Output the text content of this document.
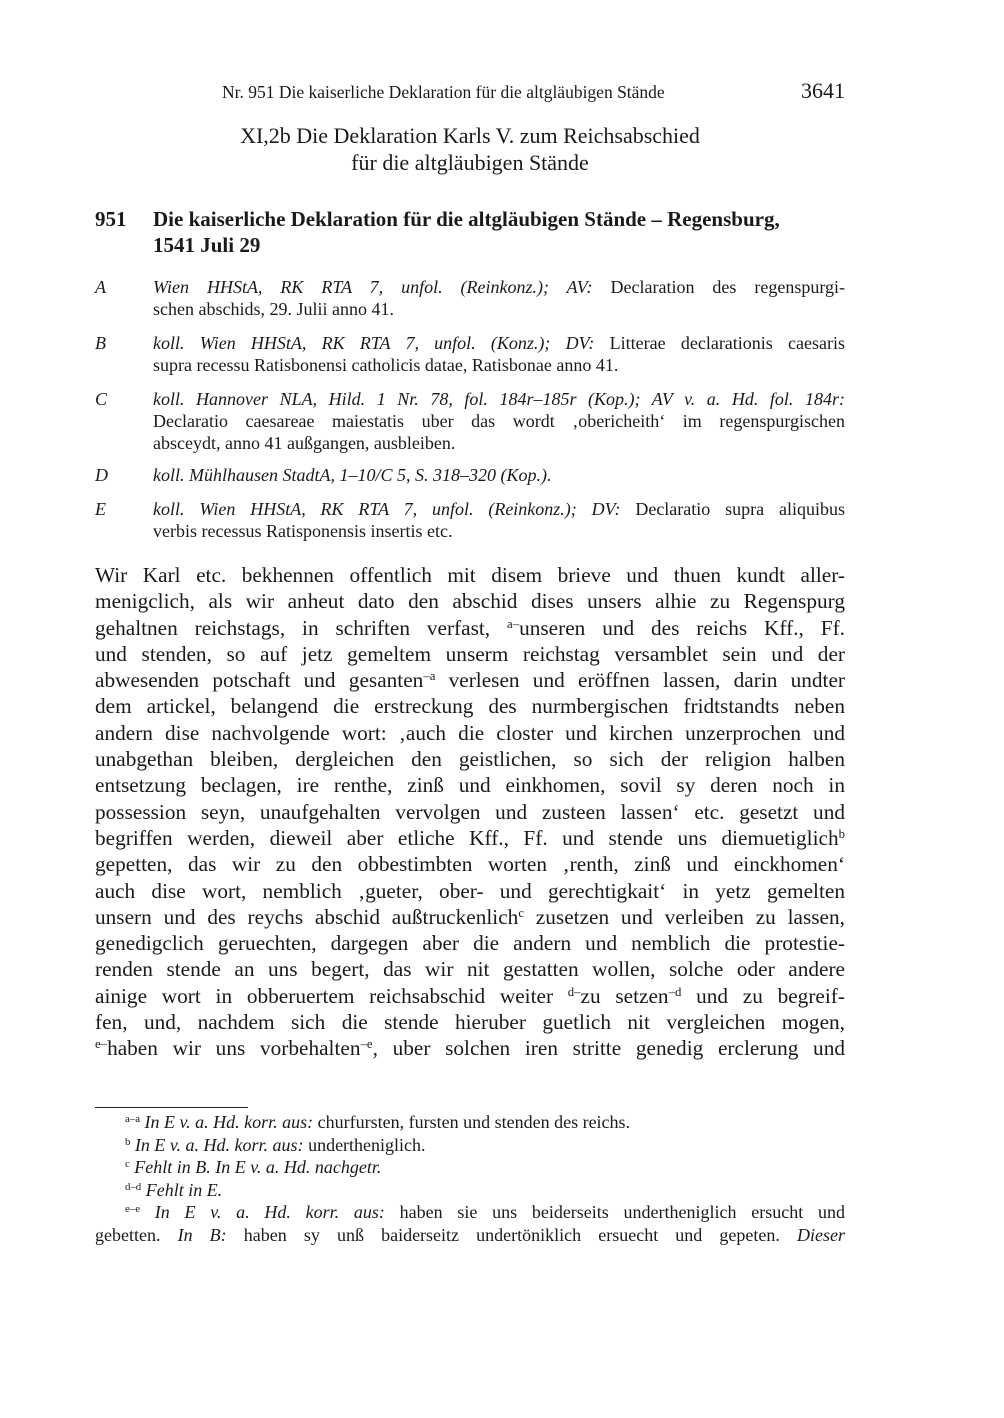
Nr. 951 Die kaiserliche Deklaration für die altgläubigen Stände	3641
XI,2b Die Deklaration Karls V. zum Reichsabschied
für die altgläubigen Stände
951 Die kaiserliche Deklaration für die altgläubigen Stände – Regensburg,
1541 Juli 29
A	Wien HHStA, RK RTA 7, unfol. (Reinkonz.); AV: Declaration des regenspurgi-
schen abschids, 29. Julii anno 41.
B	koll. Wien HHStA, RK RTA 7, unfol. (Konz.); DV: Litterae declarationis caesaris
supra recessu Ratisbonensi catholicis datae, Ratisbonae anno 41.
C	koll. Hannover NLA, Hild. 1 Nr. 78, fol. 184r–185r (Kop.); AV v. a. Hd. fol. 184r:
Declaratio caesareae maiestatis uber das wordt ‚obericheith‘ im regenspurgischen
absceydt, anno 41 außgangen, ausbleiben.
D	koll. Mühlhausen StadtA, 1–10/C 5, S. 318–320 (Kop.).
E	koll. Wien HHStA, RK RTA 7, unfol. (Reinkonz.); DV: Declaratio supra aliquibus
verbis recessus Ratisponensis insertis etc.
Wir Karl etc. bekhennen offentlich mit disem brieve und thuen kundt aller-
menigclich, als wir anheut dato den abschid dises unsers alhie zu Regenspurg
gehaltnen reichstags, in schriften verfast, $^{a-}$unseren und des reichs Kff., Ff.
und stenden, so auf jetz gemeltem unserm reichstag versamblet sein und der
abwesenden potschaft und gesanten$^{-a}$ verlesen und eröffnen lassen, darin undter
dem artickel, belangend die erstreckung des nurmbergischen fridtstandts neben
andern dise nachvolgende wort: ‚auch die closter und kirchen unzerprochen und
unabgethan bleiben, dergleichen den geistlichen, so sich der religion halben
entsetzung beclagen, ire renthe, zinß und einkhomen, sovil sy deren noch in
possession seyn, unaufgehalten vervolgen und zusteen lassen‘ etc. gesetzt und
begriffen werden, dieweil aber etliche Kff., Ff. und stende uns diemuetiglich$^b$
gepetten, das wir zu den obbestimbten worten ‚renth, zinß und einckhomen‘
auch dise wort, nemblich ‚gueter, ober- und gerechtigkait‘ in yetz gemelten
unsern und des reychs abschid außtruckenlich$^c$ zusetzen und verleiben zu lassen,
genedigclich geruechten, dargegen aber die andern und nemblich die protestie-
renden stende an uns begert, das wir nit gestatten wollen, solche oder andere
ainige wort in obberuertem reichsabschid weiter $^{d-}$zu setzen$^{-d}$ und zu begreif-
fen, und, nachdem sich die stende hieruber guetlich nit vergleichen mogen,
$^{e-}$haben wir uns vorbehalten$^{-e}$, uber solchen iren stritte genedig erclerung und
$^{a-a}$ In E v. a. Hd. korr. aus: churfursten, fursten und stenden des reichs.
$^b$ In E v. a. Hd. korr. aus: undertheniglich.
$^c$ Fehlt in B. In E v. a. Hd. nachgetr.
$^{d-d}$ Fehlt in E.
$^{e-e}$ In E v. a. Hd. korr. aus: haben sie uns beiderseits undertheniglich ersucht und
gebetten. In B: haben sy unß baiderseitz undertöniklich ersuecht und gepeten. Dieser
